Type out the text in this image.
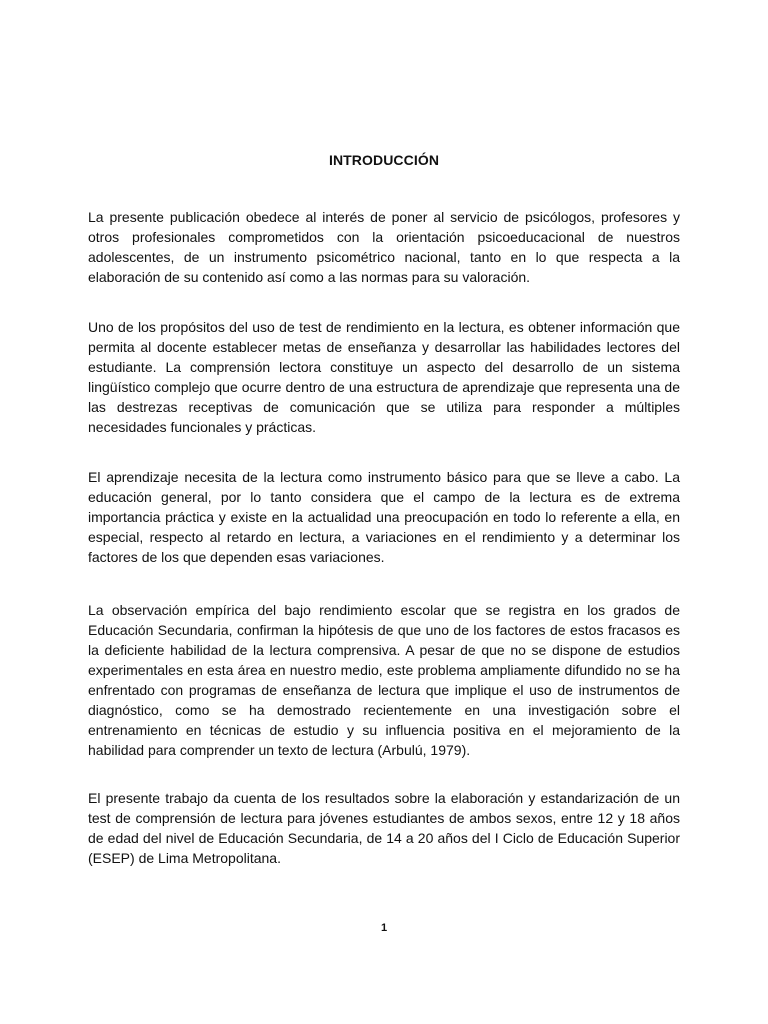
INTRODUCCIÓN

La presente publicación obedece al interés de poner al servicio de psicólogos, profesores y otros profesionales comprometidos con la orientación psicoeducacional de nuestros adolescentes, de un instrumento psicométrico nacional, tanto en lo que respecta a la elaboración de su contenido así como a las normas para su valoración.

Uno de los propósitos del uso de test de rendimiento en la lectura, es obtener información que permita al docente establecer metas de enseñanza y desarrollar las habilidades lectores del estudiante. La comprensión lectora constituye un aspecto del desarrollo de un sistema lingüístico complejo que ocurre dentro de una estructura de aprendizaje que representa una de las destrezas receptivas de comunicación que se utiliza para responder a múltiples necesidades funcionales y prácticas.

El aprendizaje necesita de la lectura como instrumento básico para que se lleve a cabo. La educación general, por lo tanto considera que el campo de la lectura es de extrema importancia práctica y existe en la actualidad una preocupación en todo lo referente a ella, en especial, respecto al retardo en lectura, a variaciones en el rendimiento y a determinar los factores de los que dependen esas variaciones.

La observación empírica del bajo rendimiento escolar que se registra en los grados de Educación Secundaria, confirman la hipótesis de que uno de los factores de estos fracasos es la deficiente habilidad de la lectura comprensiva. A pesar de que no se dispone de estudios experimentales en esta área en nuestro medio, este problema ampliamente difundido no se ha enfrentado con programas de enseñanza de lectura que implique el uso de instrumentos de diagnóstico, como se ha demostrado recientemente en una investigación sobre el entrenamiento en técnicas de estudio y su influencia positiva en el mejoramiento de la habilidad para comprender un texto de lectura (Arbulú, 1979).

El presente trabajo da cuenta de los resultados sobre la elaboración y estandarización de un test de comprensión de lectura para jóvenes estudiantes de ambos sexos, entre 12 y 18 años de edad del nivel de Educación Secundaria, de 14 a 20 años del I Ciclo de Educación Superior (ESEP) de Lima Metropolitana.

1
